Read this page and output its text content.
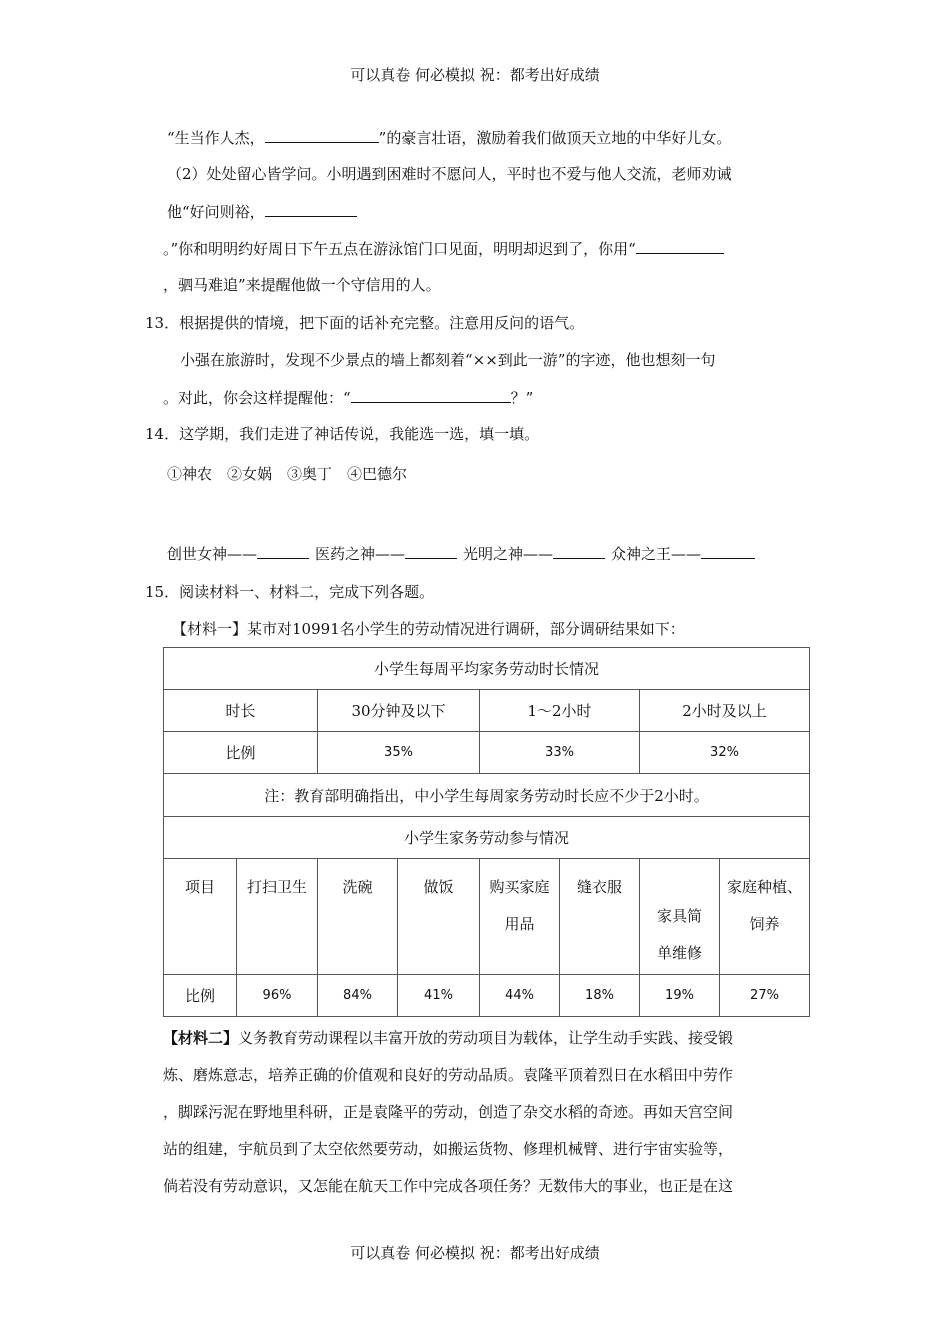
可以真卷 何必模拟 祝：都考出好成绩
“生当作人杰，	”的豪言壮语，激励着我们做顶天立地的中华好儿女。
（2）处处留心皆学问。小明遇到困难时不愿问人，平时也不爱与他人交流，老师劝诫
他“好问则裕，
。”你和明明约好周日下午五点在游泳馆门口见面，明明却迟到了，你用“
，驷马难追”来提醒他做一个守信用的人。
13．根据提供的情境，把下面的话补充完整。注意用反问的语气。
小强在旅游时，发现不少景点的墙上都刻着“××到此一游”的字迹，他也想刻一句
。对此，你会这样提醒他：“	？”
14．这学期，我们走进了神话传说，我能选一选，填一填。
①神农　②女娲　③奥丁　④巴德尔
创世女神——	医药之神——	光明之神——	众神之王——
15．阅读材料一、材料二，完成下列各题。
【材料一】某市对10991名小学生的劳动情况进行调研，部分调研结果如下：
小学生每周平均家务劳动时长情况							
时长		30分钟及以下		1～2小时		2小时及以上	
比例		35%		33%		32%	
注：教育部明确指出，中小学生每周家务劳动时长应不少于2小时。							
小学生家务劳动参与情况							
项目	打扫卫生	洗碗	做饭	购买家庭用品	缝衣服	家具简单维修	家庭种植、饲养
比例	96%	84%	41%	44%	18%	19%	27%
【材料二】义务教育劳动课程以丰富开放的劳动项目为载体，让学生动手实践、接受锻
炼、磨炼意志，培养正确的价值观和良好的劳动品质。袁隆平顶着烈日在水稻田中劳作
，脚踩污泥在野地里科研，正是袁隆平的劳动，创造了杂交水稻的奇迹。再如天宫空间
站的组建，宇航员到了太空依然要劳动，如搬运货物、修理机械臂、进行宇宙实验等，
倘若没有劳动意识，又怎能在航天工作中完成各项任务？无数伟大的事业，也正是在这
可以真卷 何必模拟 祝：都考出好成绩
